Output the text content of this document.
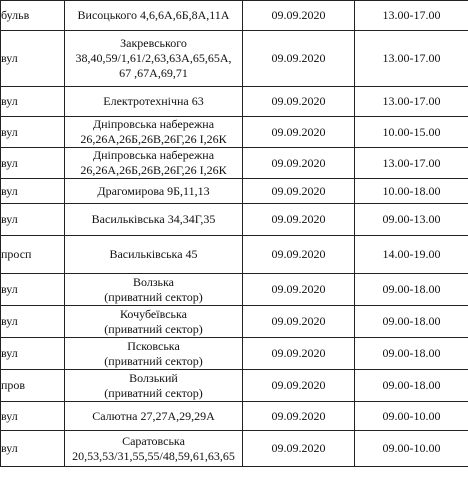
бульв	Висоцького 4,6,6А,6Б,8А,11А	09.09.2020	13.00-17.00
вул	Закревського
38,40,59/1,61/2,63,63А,65,65А,
67 ,67А,69,71	09.09.2020	13.00-17.00
вул	Електротехнічна 63	09.09.2020	13.00-17.00
вул	Дніпровська набережна
26,26А,26Б,26В,26Г,26 І,26К	09.09.2020	10.00-15.00
вул	Дніпровська набережна
26,26А,26Б,26В,26Г,26 І,26К	09.09.2020	13.00-17.00
вул	Драгомирова 9Б,11,13	09.09.2020	10.00-18.00
вул	Васильківська 34,34Г,35	09.09.2020	09.00-13.00
просп	Васильківська 45	09.09.2020	14.00-19.00
вул	Волзька
(приватний сектор)	09.09.2020	09.00-18.00
вул	Кочубеївська
(приватний сектор)	09.09.2020	09.00-18.00
вул	Псковська
(приватний сектор)	09.09.2020	09.00-18.00
пров	Волзький
(приватний сектор)	09.09.2020	09.00-18.00
вул	Салютна 27,27А,29,29А	09.09.2020	09.00-10.00
вул	Саратовська
20,53,53/31,55,55/48,59,61,63,65	09.09.2020	09.00-10.00
